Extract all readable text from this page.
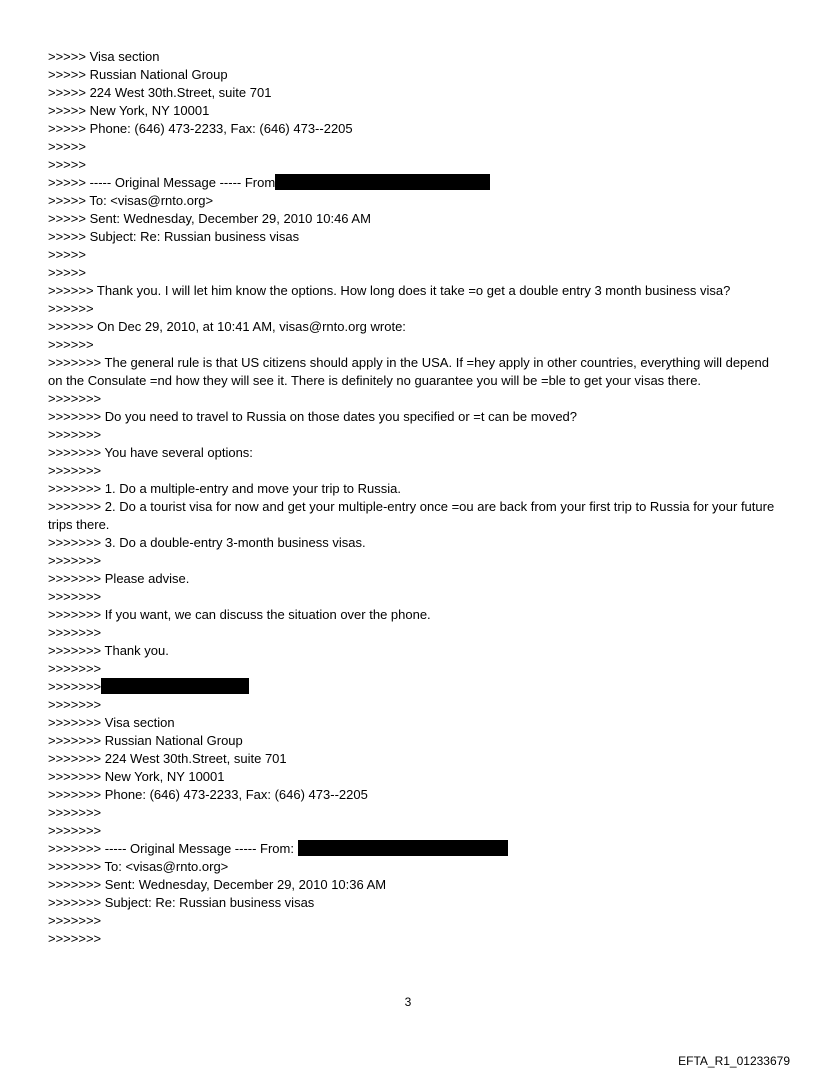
>>>>> Visa section

>>>>> Russian National Group

>>>>> 224 West 30th.Street, suite 701

>>>>> New York, NY 10001

>>>>> Phone: (646) 473-2233, Fax: (646) 473--2205

>>>>>

>>>>>

>>>>> ----- Original Message ----- From

>>>>> To: <visas@rnto.org>

>>>>> Sent: Wednesday, December 29, 2010 10:46 AM

>>>>> Subject: Re: Russian business visas

>>>>>

>>>>>

>>>>>> Thank you. I will let him know the options. How long does it take =o get a double entry 3 month business visa?

>>>>>>

>>>>>> On Dec 29, 2010, at 10:41 AM, visas@rnto.org wrote:

>>>>>>

>>>>>>> The general rule is that US citizens should apply in the USA. If =hey apply in other countries, everything will depend on the Consulate =nd how they will see it. There is definitely no guarantee you will be =ble to get your visas there.

>>>>>>>

>>>>>>> Do you need to travel to Russia on those dates you specified or =t can be moved?

>>>>>>>

>>>>>>> You have several options:

>>>>>>>

>>>>>>> 1. Do a multiple-entry and move your trip to Russia.

>>>>>>> 2. Do a tourist visa for now and get your multiple-entry once =ou are back from your first trip to Russia for your future trips there.

>>>>>>> 3. Do a double-entry 3-month business visas.

>>>>>>>

>>>>>>> Please advise.

>>>>>>>

>>>>>>> If you want, we can discuss the situation over the phone.

>>>>>>>

>>>>>>> Thank you.

>>>>>>>

>>>>>>>

>>>>>>>

>>>>>>> Visa section

>>>>>>> Russian National Group

>>>>>>> 224 West 30th.Street, suite 701

>>>>>>> New York, NY 10001

>>>>>>> Phone: (646) 473-2233, Fax: (646) 473--2205

>>>>>>>

>>>>>>>

>>>>>>> ----- Original Message ----- From:

>>>>>>> To: <visas@rnto.org>

>>>>>>> Sent: Wednesday, December 29, 2010 10:36 AM

>>>>>>> Subject: Re: Russian business visas

>>>>>>>

>>>>>>>

3
EFTA_R1_01233679
